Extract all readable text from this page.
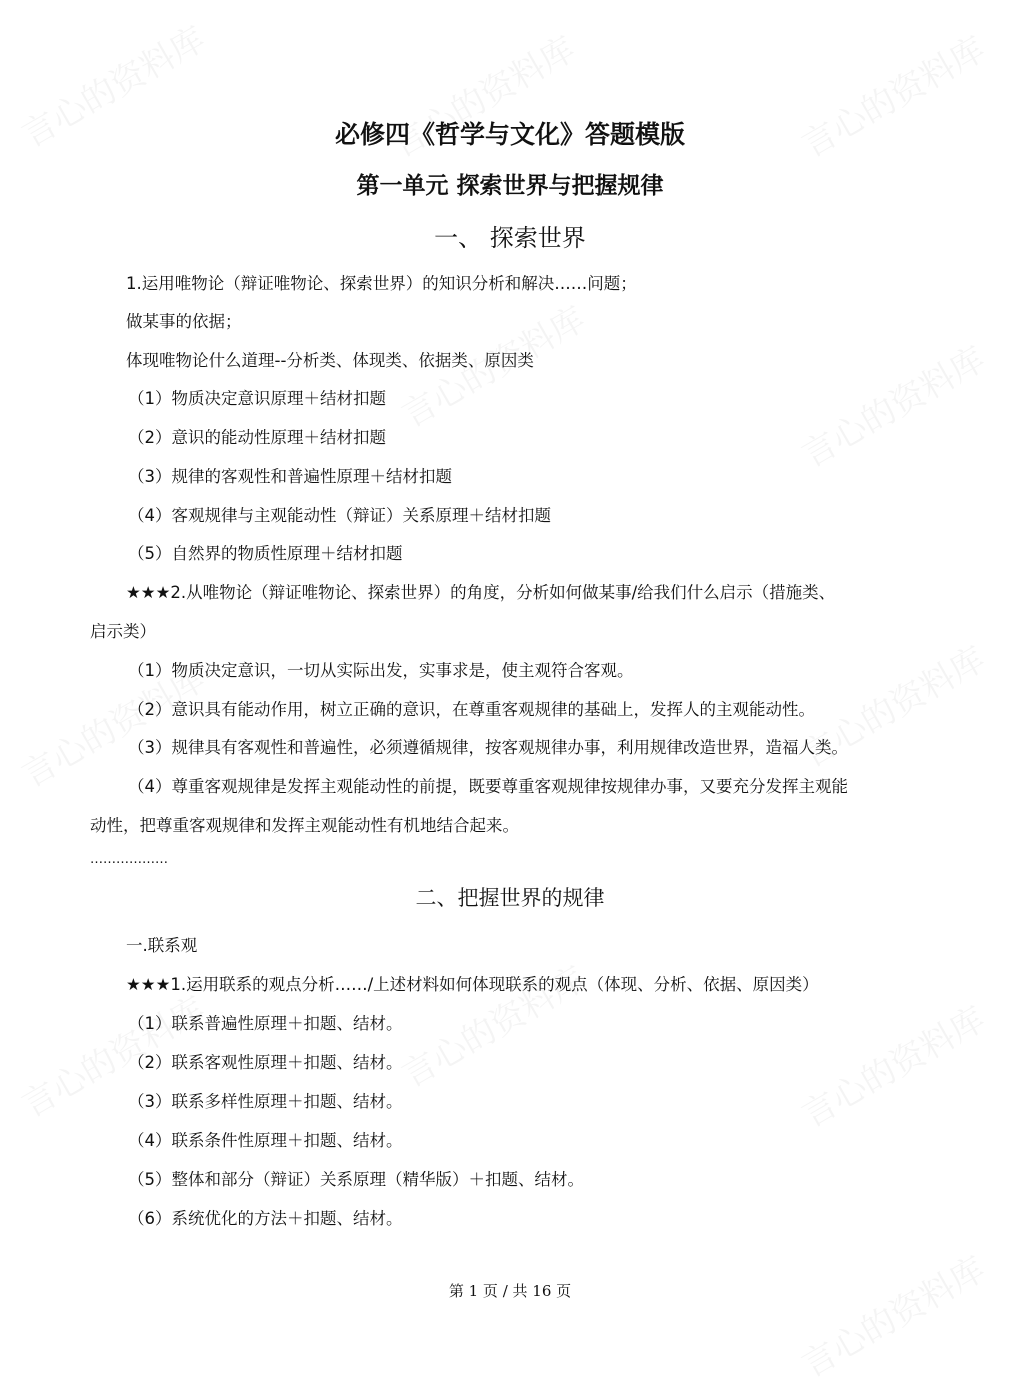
必修四《哲学与文化》答题模版
第一单元 探索世界与把握规律
一、 探索世界
1.运用唯物论（辩证唯物论、探索世界）的知识分析和解决……问题；
做某事的依据；
体现唯物论什么道理--分析类、体现类、依据类、原因类
（1）物质决定意识原理＋结材扣题
（2）意识的能动性原理＋结材扣题
（3）规律的客观性和普遍性原理＋结材扣题
（4）客观规律与主观能动性（辩证）关系原理＋结材扣题
（5）自然界的物质性原理＋结材扣题
★★★2.从唯物论（辩证唯物论、探索世界）的角度，分析如何做某事/给我们什么启示（措施类、
启示类）
（1）物质决定意识，一切从实际出发，实事求是，使主观符合客观。
（2）意识具有能动作用，树立正确的意识，在尊重客观规律的基础上，发挥人的主观能动性。
（3）规律具有客观性和普遍性，必须遵循规律，按客观规律办事，利用规律改造世界，造福人类。
（4）尊重客观规律是发挥主观能动性的前提，既要尊重客观规律按规律办事，又要充分发挥主观能
动性，把尊重客观规律和发挥主观能动性有机地结合起来。
………………
二、把握世界的规律
一.联系观
★★★1.运用联系的观点分析……/上述材料如何体现联系的观点（体现、分析、依据、原因类）
（1）联系普遍性原理＋扣题、结材。
（2）联系客观性原理＋扣题、结材。
（3）联系多样性原理＋扣题、结材。
（4）联系条件性原理＋扣题、结材。
（5）整体和部分（辩证）关系原理（精华版）＋扣题、结材。
（6）系统优化的方法＋扣题、结材。
第 1 页 / 共 16 页
